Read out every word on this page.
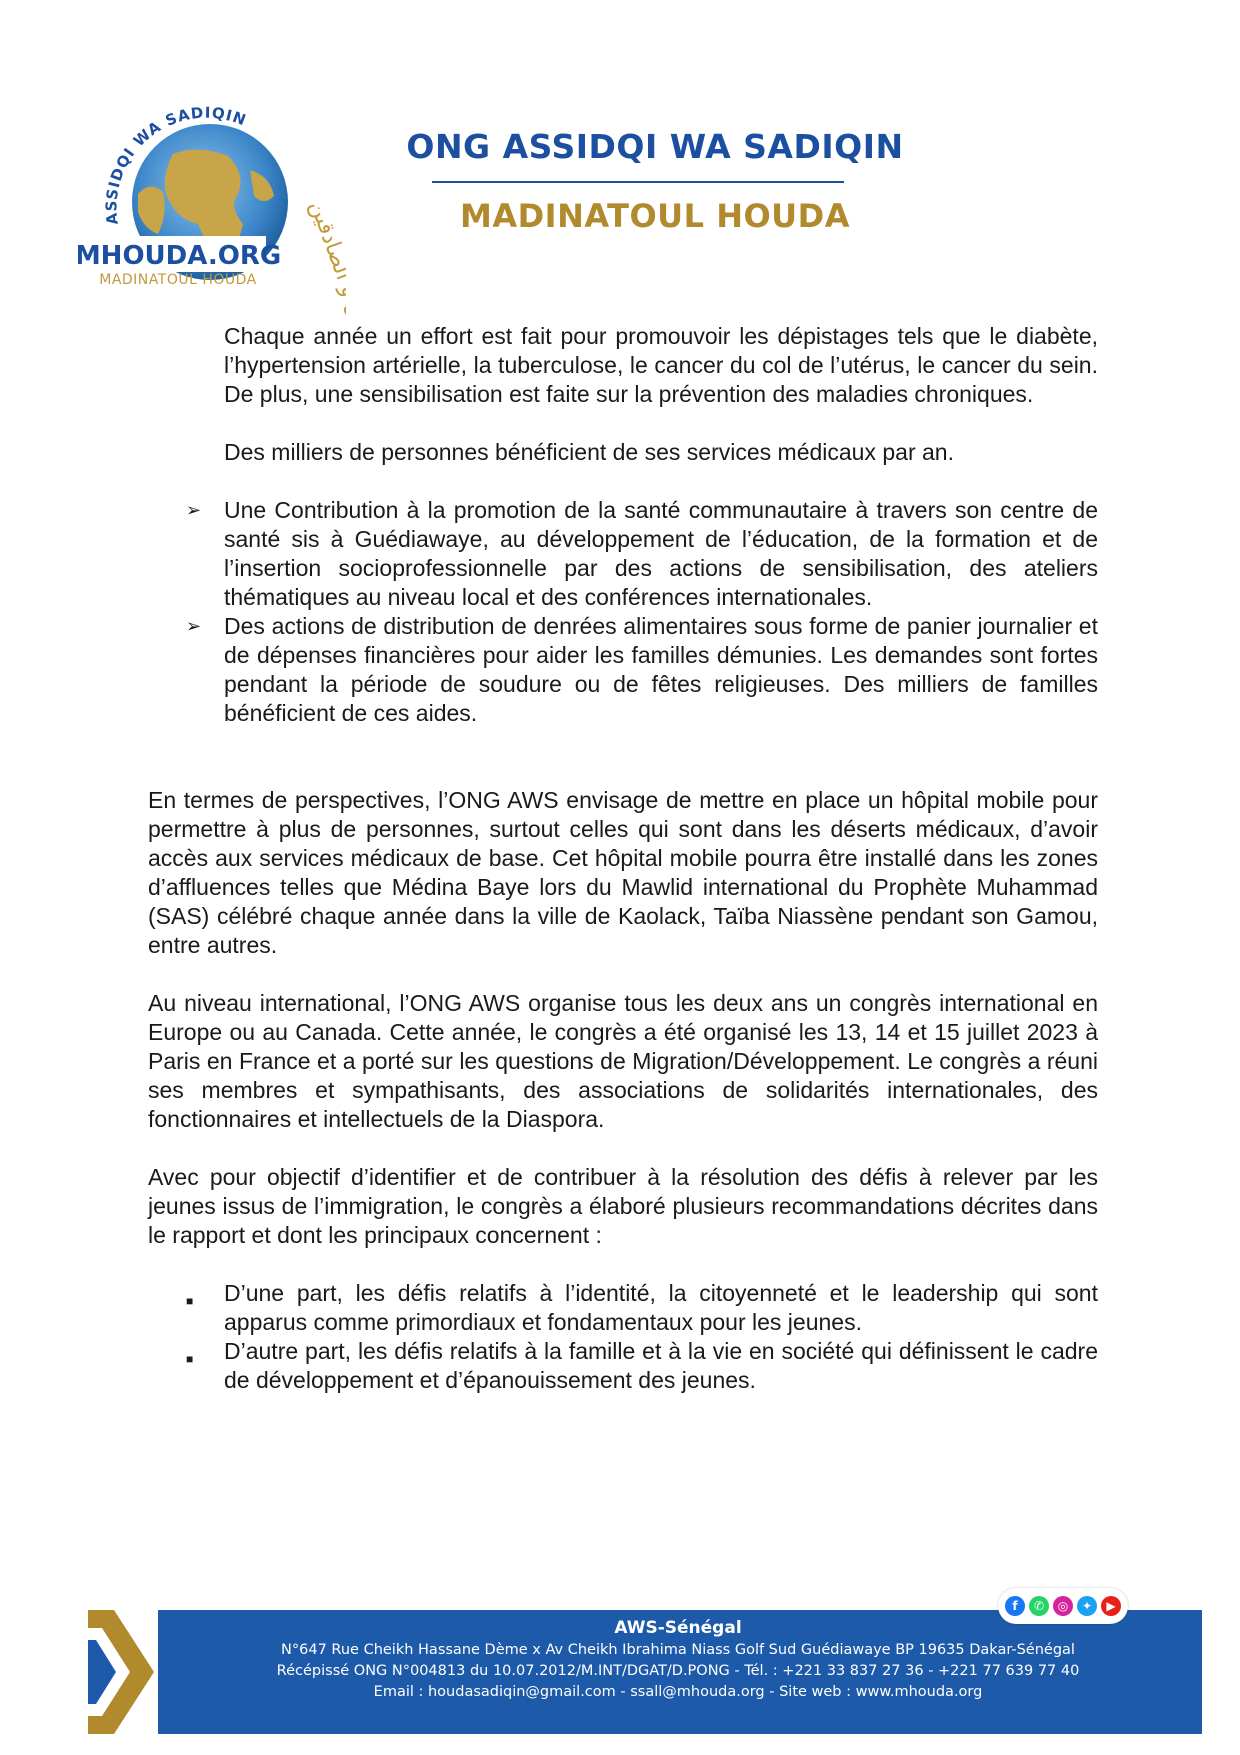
ASSIDQI WA SADIQIN
و الصادقين
MHOUDA.ORG
MADINATOUL HOUDA
ONG ASSIDQI WA SADIQIN
MADINATOUL HOUDA

Chaque année un effort est fait pour promouvoir les dépistages tels que le diabète, l’hypertension artérielle, la tuberculose, le cancer du col de l’utérus, le cancer du sein. De plus, une sensibilisation est faite sur la prévention des maladies chroniques.

Des milliers de personnes bénéficient de ses services médicaux par an.

➢ Une Contribution à la promotion de la santé communautaire à travers son centre de santé sis à Guédiawaye, au développement de l’éducation, de la formation et de l’insertion socioprofessionnelle par des actions de sensibilisation, des ateliers thématiques au niveau local et des conférences internationales.
➢ Des actions de distribution de denrées alimentaires sous forme de panier journalier et de dépenses financières pour aider les familles démunies. Les demandes sont fortes pendant la période de soudure ou de fêtes religieuses. Des milliers de familles bénéficient de ces aides.

En termes de perspectives, l’ONG AWS envisage de mettre en place un hôpital mobile pour permettre à plus de personnes, surtout celles qui sont dans les déserts médicaux, d’avoir accès aux services médicaux de base. Cet hôpital mobile pourra être installé dans les zones d’affluences telles que Médina Baye lors du Mawlid international du Prophète Muhammad (SAS) célébré chaque année dans la ville de Kaolack, Taïba Niassène pendant son Gamou, entre autres.

Au niveau international, l’ONG AWS organise tous les deux ans un congrès international en Europe ou au Canada. Cette année, le congrès a été organisé les 13, 14 et 15 juillet 2023 à Paris en France et a porté sur les questions de Migration/Développement. Le congrès a réuni ses membres et sympathisants, des associations de solidarités internationales, des fonctionnaires et intellectuels de la Diaspora.

Avec pour objectif d’identifier et de contribuer à la résolution des défis à relever par les jeunes issus de l’immigration, le congrès a élaboré plusieurs recommandations décrites dans le rapport et dont les principaux concernent :

■	D’une part, les défis relatifs à l’identité, la citoyenneté et le leadership qui sont apparus comme primordiaux et fondamentaux pour les jeunes.
■	D’autre part, les défis relatifs à la famille et à la vie en société qui définissent le cadre de développement et d’épanouissement des jeunes.
AWS-Sénégal
N°647 Rue Cheikh Hassane Dème x Av Cheikh Ibrahima Niass Golf Sud Guédiawaye BP 19635 Dakar-Sénégal
Récépissé ONG N°004813 du 10.07.2012/M.INT/DGAT/D.PONG - Tél. : +221 33 837 27 36 - +221 77 639 77 40
Email : houdasadiqin@gmail.com - ssall@mhouda.org - Site web : www.mhouda.org
f	✆	◎	✦	▶
